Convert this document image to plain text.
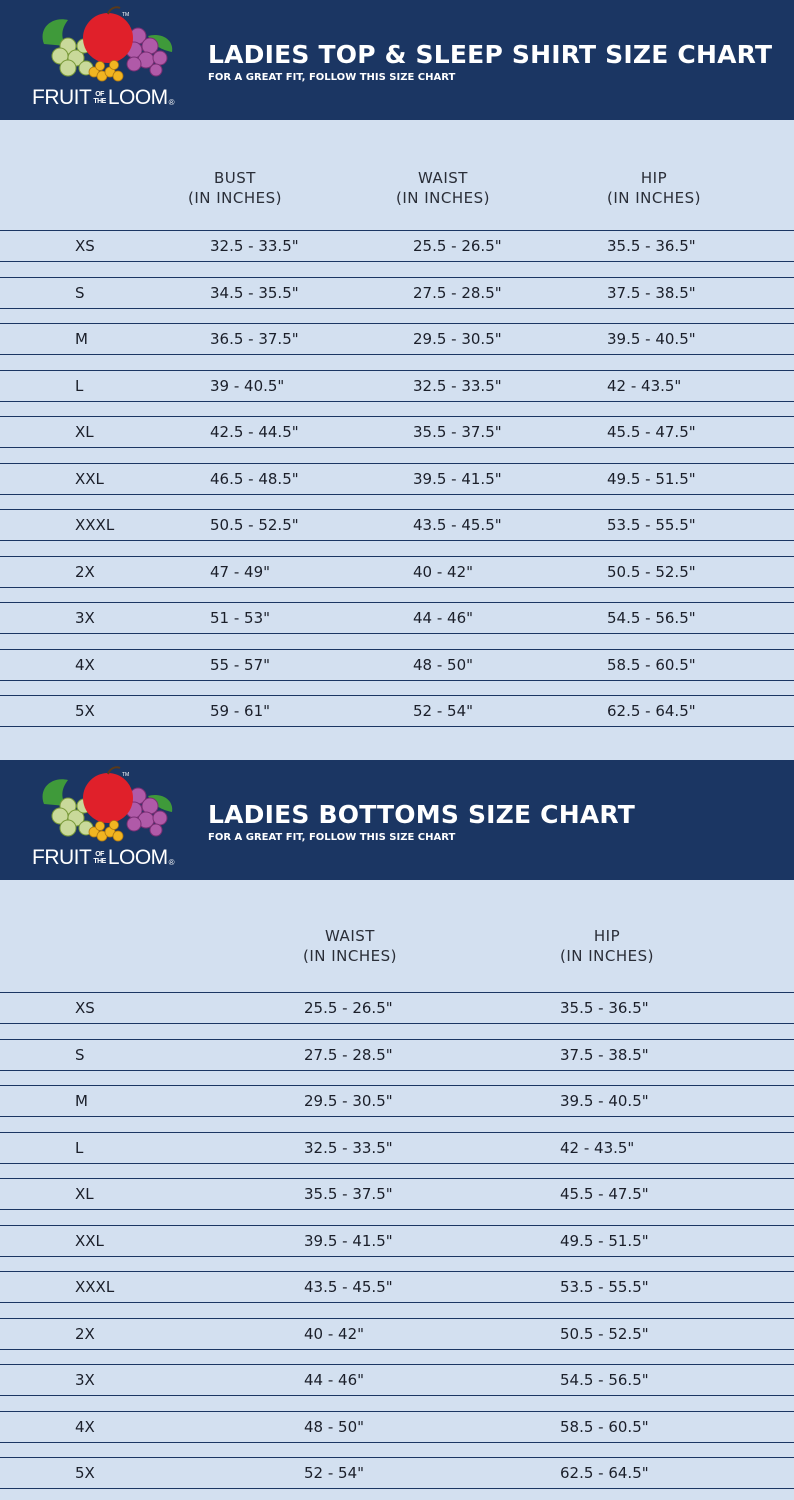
TM
FRUIT OF
THE LOOM ®
LADIES TOP & SLEEP SHIRT SIZE CHART
FOR A GREAT FIT, FOLLOW THIS SIZE CHART
BUST
(IN INCHES)
WAIST
(IN INCHES)
HIP
(IN INCHES)
XS	32.5 - 33.5"	25.5 - 26.5"	35.5 - 36.5"
S	34.5 - 35.5"	27.5 - 28.5"	37.5 - 38.5"
M	36.5 - 37.5"	29.5 - 30.5"	39.5 - 40.5"
L	39 - 40.5"	32.5 - 33.5"	42 - 43.5"
XL	42.5 - 44.5"	35.5 - 37.5"	45.5 - 47.5"
XXL	46.5 - 48.5"	39.5 - 41.5"	49.5 - 51.5"
XXXL	50.5 - 52.5"	43.5 - 45.5"	53.5 - 55.5"
2X	47 - 49"	40 - 42"	50.5 - 52.5"
3X	51 - 53"	44 - 46"	54.5 - 56.5"
4X	55 - 57"	48 - 50"	58.5 - 60.5"
5X	59 - 61"	52 - 54"	62.5 - 64.5"
TM
FRUIT OF
THE LOOM ®
LADIES BOTTOMS SIZE CHART
FOR A GREAT FIT, FOLLOW THIS SIZE CHART
WAIST
(IN INCHES)
HIP
(IN INCHES)
XS	25.5 - 26.5"	35.5 - 36.5"
S	27.5 - 28.5"	37.5 - 38.5"
M	29.5 - 30.5"	39.5 - 40.5"
L	32.5 - 33.5"	42 - 43.5"
XL	35.5 - 37.5"	45.5 - 47.5"
XXL	39.5 - 41.5"	49.5 - 51.5"
XXXL	43.5 - 45.5"	53.5 - 55.5"
2X	40 - 42"	50.5 - 52.5"
3X	44 - 46"	54.5 - 56.5"
4X	48 - 50"	58.5 - 60.5"
5X	52 - 54"	62.5 - 64.5"
